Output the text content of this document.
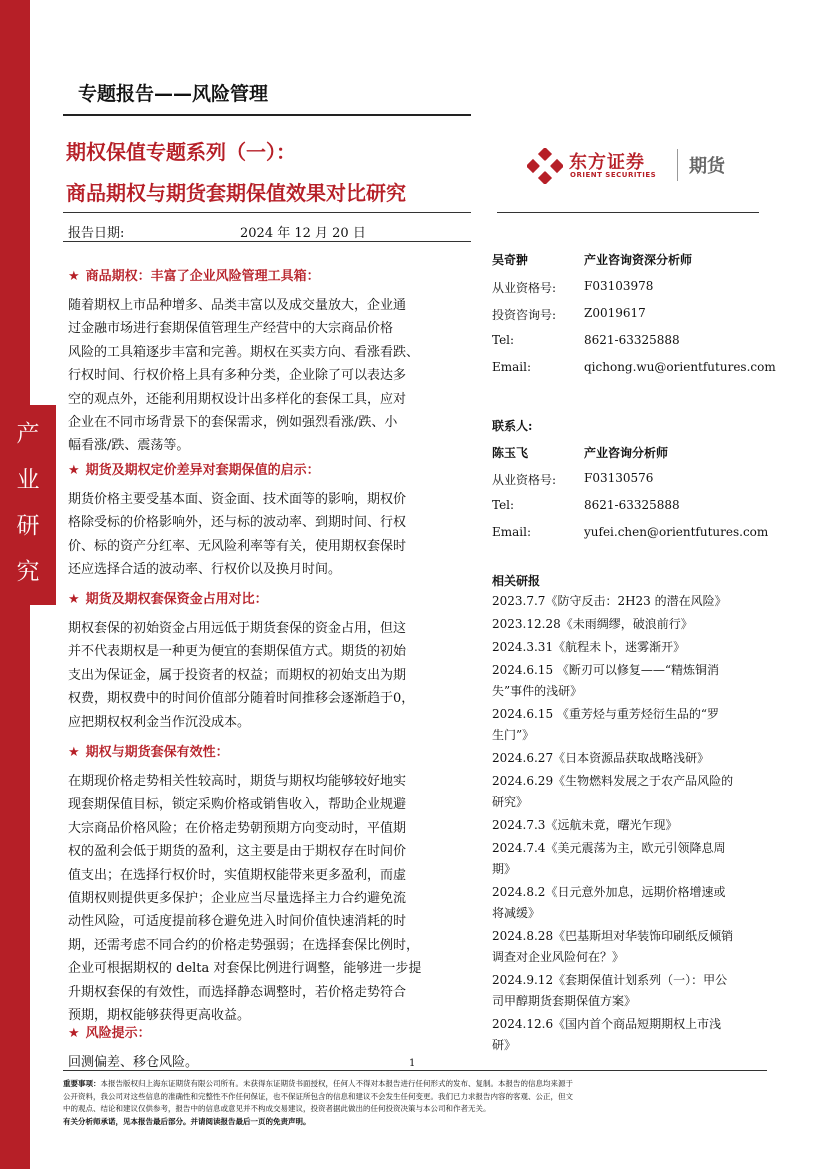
产
业
研
究
专题报告——风险管理
期权保值专题系列（一）：
商品期权与期货套期保值效果对比研究
报告日期:	2024 年 12 月 20 日
东方证券
ORIENT SECURITIES 期货
★ 商品期权：丰富了企业风险管理工具箱：
随着期权上市品种增多、品类丰富以及成交量放大，企业通
过金融市场进行套期保值管理生产经营中的大宗商品价格
风险的工具箱逐步丰富和完善。期权在买卖方向、看涨看跌、
行权时间、行权价格上具有多种分类，企业除了可以表达多
空的观点外，还能利用期权设计出多样化的套保工具，应对
企业在不同市场背景下的套保需求，例如强烈看涨/跌、小
幅看涨/跌、震荡等。
★ 期货及期权定价差异对套期保值的启示：
期货价格主要受基本面、资金面、技术面等的影响，期权价
格除受标的价格影响外，还与标的波动率、到期时间、行权
价、标的资产分红率、无风险利率等有关，使用期权套保时
还应选择合适的波动率、行权价以及换月时间。
★ 期货及期权套保资金占用对比：
期权套保的初始资金占用远低于期货套保的资金占用，但这
并不代表期权是一种更为便宜的套期保值方式。期货的初始
支出为保证金，属于投资者的权益；而期权的初始支出为期
权费，期权费中的时间价值部分随着时间推移会逐渐趋于0，
应把期权权利金当作沉没成本。
★ 期权与期货套保有效性：
在期现价格走势相关性较高时，期货与期权均能够较好地实
现套期保值目标，锁定采购价格或销售收入，帮助企业规避
大宗商品价格风险；在价格走势朝预期方向变动时，平值期
权的盈利会低于期货的盈利，这主要是由于期权存在时间价
值支出；在选择行权价时，实值期权能带来更多盈利，而虚
值期权则提供更多保护；企业应当尽量选择主力合约避免流
动性风险，可适度提前移仓避免进入时间价值快速消耗的时
期，还需考虑不同合约的价格走势强弱；在选择套保比例时，
企业可根据期权的 delta 对套保比例进行调整，能够进一步提
升期权套保的有效性，而选择静态调整时，若价格走势符合
预期，期权能够获得更高收益。
★ 风险提示：
回测偏差、移仓风险。
吴奇翀	产业咨询资深分析师
从业资格号: F03103978
投资咨询号: Z0019617
Tel:	8621-63325888
Email:	qichong.wu@orientfutures.com
联系人:
陈玉飞	产业咨询分析师
从业资格号: F03130576
Tel:	8621-63325888
Email:	yufei.chen@orientfutures.com
相关研报
2023.7.7《防守反击：2H23 的潜在风险》
2023.12.28《未雨绸缪，破浪前行》
2024.3.31《航程未卜，迷雾渐开》
2024.6.15 《断刃可以修复——“精炼铜消
失”事件的浅研》
2024.6.15 《重芳烃与重芳烃衍生品的“罗
生门”》
2024.6.27《日本资源品获取战略浅研》
2024.6.29《生物燃料发展之于农产品风险的
研究》
2024.7.3《远航未竟，曙光乍现》
2024.7.4《美元震荡为主，欧元引领降息周
期》
2024.8.2《日元意外加息，远期价格增速或
将减缓》
2024.8.28《巴基斯坦对华装饰印刷纸反倾销
调查对企业风险何在？》
2024.9.12《套期保值计划系列（一）：甲公
司甲醇期货套期保值方案》
2024.12.6《国内首个商品短期期权上市浅
研》
1
重要事项：本报告版权归上海东证期货有限公司所有。未获得东证期货书面授权，任何人不得对本报告进行任何形式的发布、复制。本报告的信息均来源于
公开资料，我公司对这些信息的准确性和完整性不作任何保证，也不保证所包含的信息和建议不会发生任何变更。我们已力求报告内容的客观、公正，但文
中的观点、结论和建议仅供参考，报告中的信息或意见并不构成交易建议，投资者据此做出的任何投资决策与本公司和作者无关。
有关分析师承诺，见本报告最后部分。并请阅读报告最后一页的免责声明。
